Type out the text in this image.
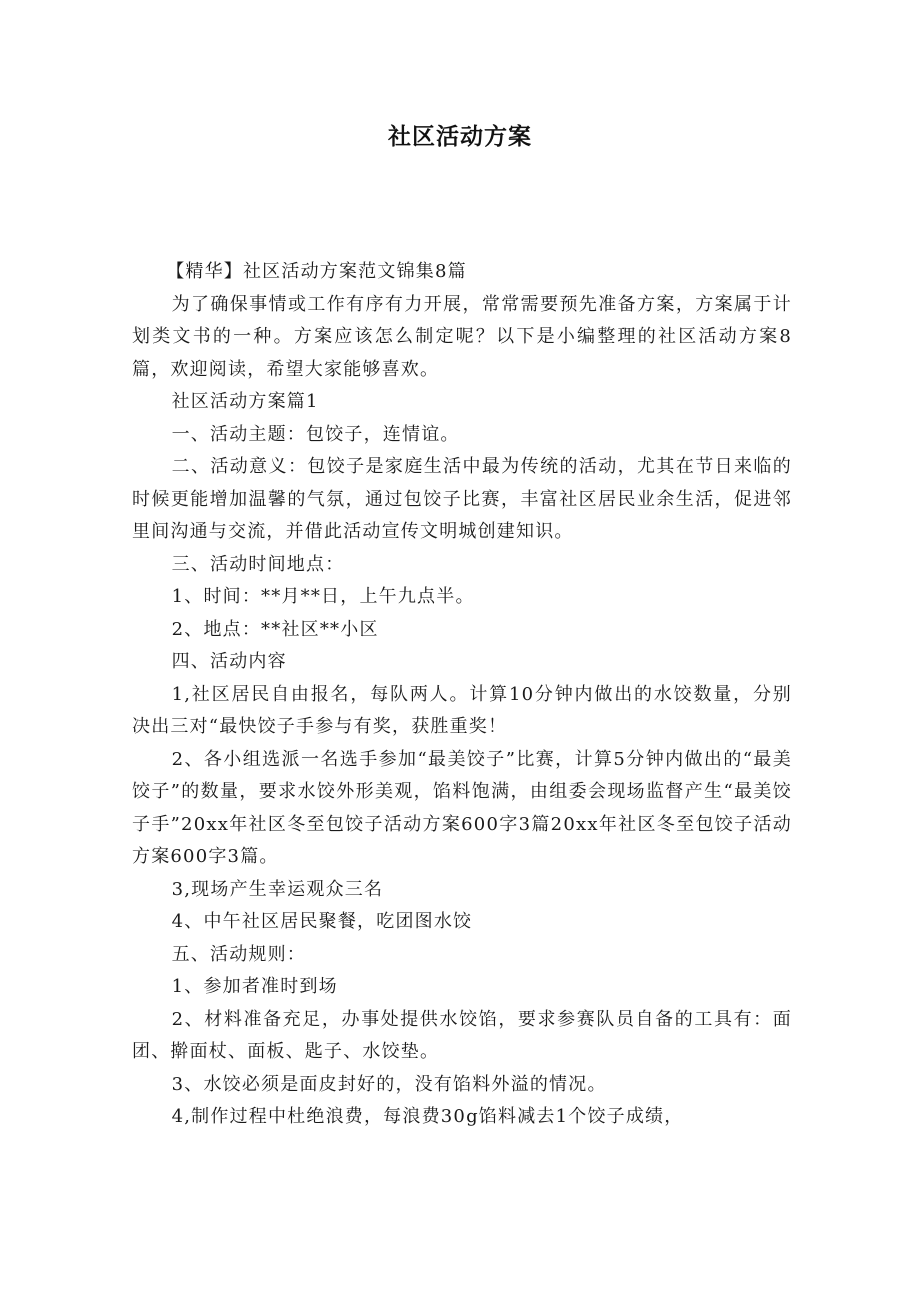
社区活动方案

【精华】社区活动方案范文锦集8篇

为了确保事情或工作有序有力开展，常常需要预先准备方案，方案属于计划类文书的一种。方案应该怎么制定呢？以下是小编整理的社区活动方案8篇，欢迎阅读，希望大家能够喜欢。

社区活动方案篇1

一、活动主题：包饺子，连情谊。

二、活动意义：包饺子是家庭生活中最为传统的活动，尤其在节日来临的时候更能增加温馨的气氛，通过包饺子比赛，丰富社区居民业余生活，促进邻里间沟通与交流，并借此活动宣传文明城创建知识。

三、活动时间地点：

1、时间：**月**日，上午九点半。

2、地点：**社区**小区

四、活动内容

1,社区居民自由报名，每队两人。计算10分钟内做出的水饺数量，分别决出三对“最快饺子手参与有奖，获胜重奖！

2、各小组选派一名选手参加“最美饺子”比赛，计算5分钟内做出的“最美饺子”的数量，要求水饺外形美观，馅料饱满，由组委会现场监督产生“最美饺子手”20xx年社区冬至包饺子活动方案600字3篇20xx年社区冬至包饺子活动方案600字3篇。

3,现场产生幸运观众三名

4、中午社区居民聚餐，吃团图水饺

五、活动规则：

1、参加者准时到场

2、材料准备充足，办事处提供水饺馅，要求参赛队员自备的工具有：面团、擀面杖、面板、匙子、水饺垫。

3、水饺必须是面皮封好的，没有馅料外溢的情况。

4,制作过程中杜绝浪费，每浪费30g馅料减去1个饺子成绩，
